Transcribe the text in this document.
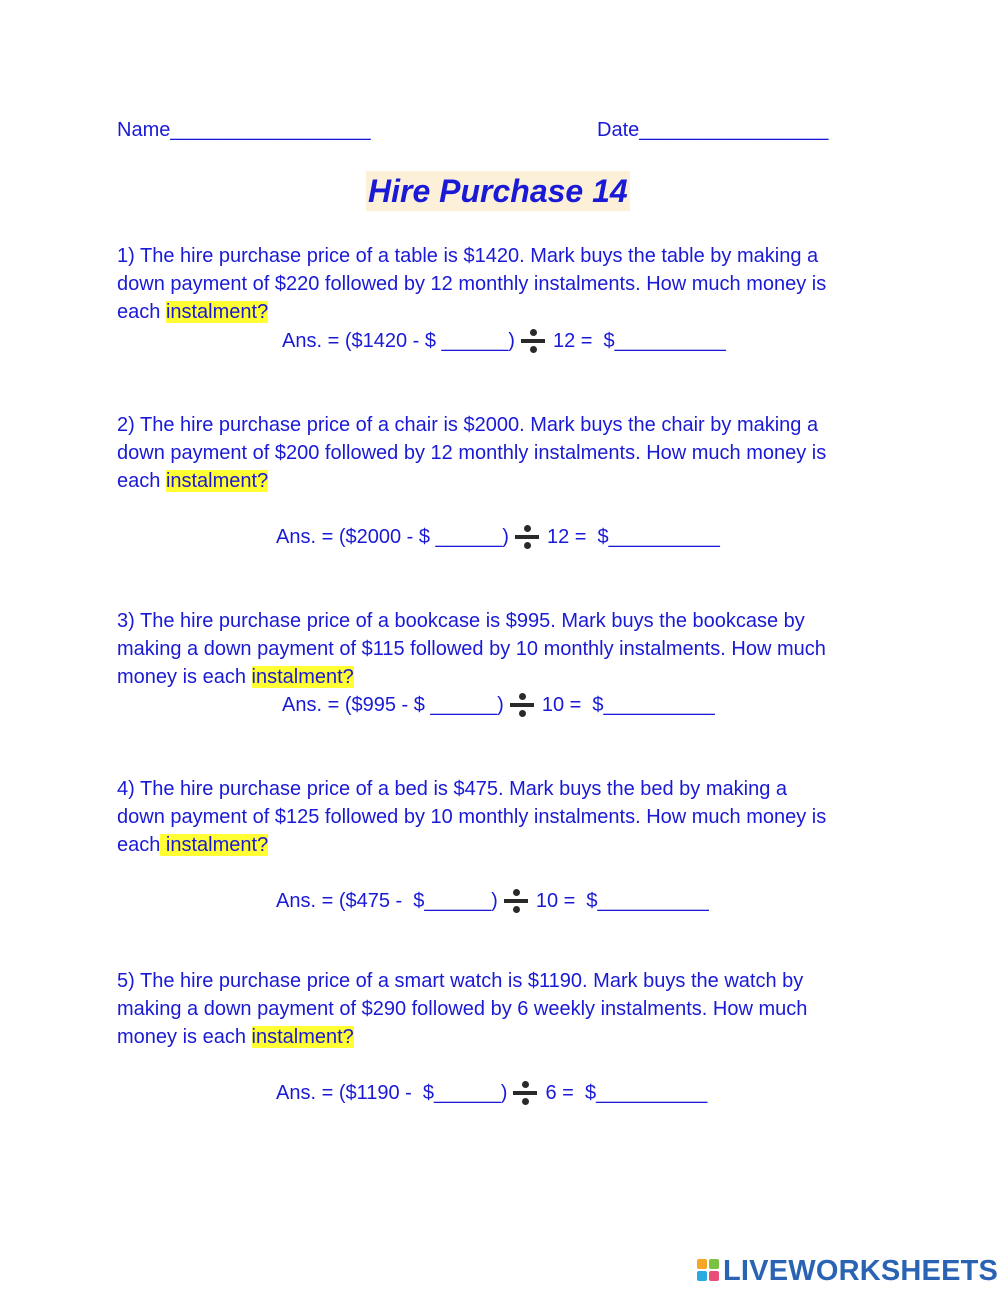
Name__________________	Date_________________
Hire Purchase 14
1) The hire purchase price of a table is $1420. Mark buys the table by making a
down payment of $220 followed by 12 monthly instalments. How much money is
each instalment?
Ans. = ($1420 - $ ______) 12 =  $__________
2) The hire purchase price of a chair is $2000. Mark buys the chair by making a
down payment of $200 followed by 12 monthly instalments. How much money is
each instalment?
Ans. = ($2000 - $ ______) 12 =  $__________
3) The hire purchase price of a bookcase is $995. Mark buys the bookcase by
making a down payment of $115 followed by 10 monthly instalments. How much
money is each instalment?
Ans. = ($995 - $ ______) 10 =  $__________
4) The hire purchase price of a bed is $475. Mark buys the bed by making a
down payment of $125 followed by 10 monthly instalments. How much money is
each instalment?
Ans. = ($475 -  $______) 10 =  $__________
5) The hire purchase price of a smart watch is $1190. Mark buys the watch by
making a down payment of $290 followed by 6 weekly instalments. How much
money is each instalment?
Ans. = ($1190 -  $______) 6 =  $__________
LIVEWORKSHEETS
